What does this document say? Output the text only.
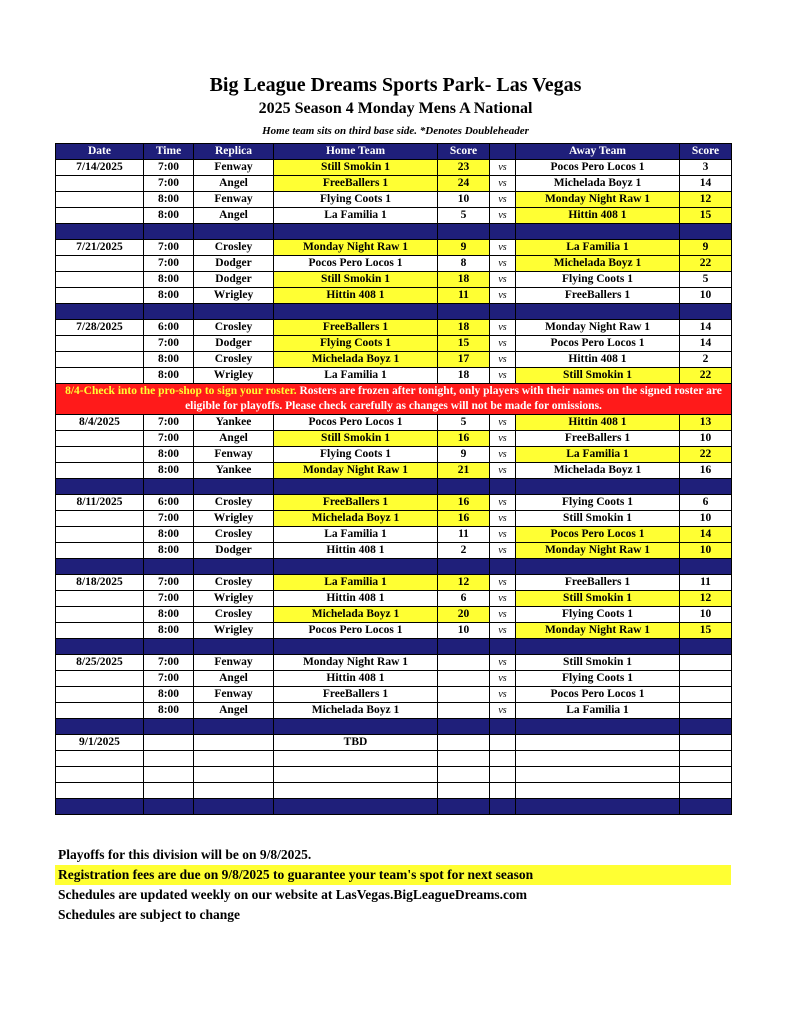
Big League Dreams Sports Park- Las Vegas
2025 Season 4 Monday Mens A National
Home team sits on third base side. *Denotes Doubleheader
Date	Time	Replica	Home Team	Score		Away Team	Score
7/14/2025	7:00	Fenway	Still Smokin 1	23	vs	Pocos Pero Locos 1	3
	7:00	Angel	FreeBallers 1	24	vs	Michelada Boyz 1	14
	8:00	Fenway	Flying Coots 1	10	vs	Monday Night Raw 1	12
	8:00	Angel	La Familia 1	5	vs	Hittin 408 1	15

7/21/2025	7:00	Crosley	Monday Night Raw 1	9	vs	La Familia 1	9
	7:00	Dodger	Pocos Pero Locos 1	8	vs	Michelada Boyz 1	22
	8:00	Dodger	Still Smokin 1	18	vs	Flying Coots 1	5
	8:00	Wrigley	Hittin 408 1	11	vs	FreeBallers 1	10

7/28/2025	6:00	Crosley	FreeBallers 1	18	vs	Monday Night Raw 1	14
	7:00	Dodger	Flying Coots 1	15	vs	Pocos Pero Locos 1	14
	8:00	Crosley	Michelada Boyz 1	17	vs	Hittin 408 1	2
	8:00	Wrigley	La Familia 1	18	vs	Still Smokin 1	22
8/4-Check into the pro-shop to sign your roster. Rosters are frozen after tonight, only players with their names on the signed roster are eligible for playoffs. Please check carefully as changes will not be made for omissions.							
8/4/2025	7:00	Yankee	Pocos Pero Locos 1	5	vs	Hittin 408 1	13
	7:00	Angel	Still Smokin 1	16	vs	FreeBallers 1	10
	8:00	Fenway	Flying Coots 1	9	vs	La Familia 1	22
	8:00	Yankee	Monday Night Raw 1	21	vs	Michelada Boyz 1	16

8/11/2025	6:00	Crosley	FreeBallers 1	16	vs	Flying Coots 1	6
	7:00	Wrigley	Michelada Boyz 1	16	vs	Still Smokin 1	10
	8:00	Crosley	La Familia 1	11	vs	Pocos Pero Locos 1	14
	8:00	Dodger	Hittin 408 1	2	vs	Monday Night Raw 1	10

8/18/2025	7:00	Crosley	La Familia 1	12	vs	FreeBallers 1	11
	7:00	Wrigley	Hittin 408 1	6	vs	Still Smokin 1	12
	8:00	Crosley	Michelada Boyz 1	20	vs	Flying Coots 1	10
	8:00	Wrigley	Pocos Pero Locos 1	10	vs	Monday Night Raw 1	15

8/25/2025	7:00	Fenway	Monday Night Raw 1		vs	Still Smokin 1	
	7:00	Angel	Hittin 408 1		vs	Flying Coots 1	
	8:00	Fenway	FreeBallers 1		vs	Pocos Pero Locos 1	
	8:00	Angel	Michelada Boyz 1		vs	La Familia 1	

9/1/2025			TBD				

Playoffs for this division will be on 9/8/2025.
Registration fees are due on 9/8/2025 to guarantee your team's spot for next season
Schedules are updated weekly on our website at LasVegas.BigLeagueDreams.com
Schedules are subject to change
